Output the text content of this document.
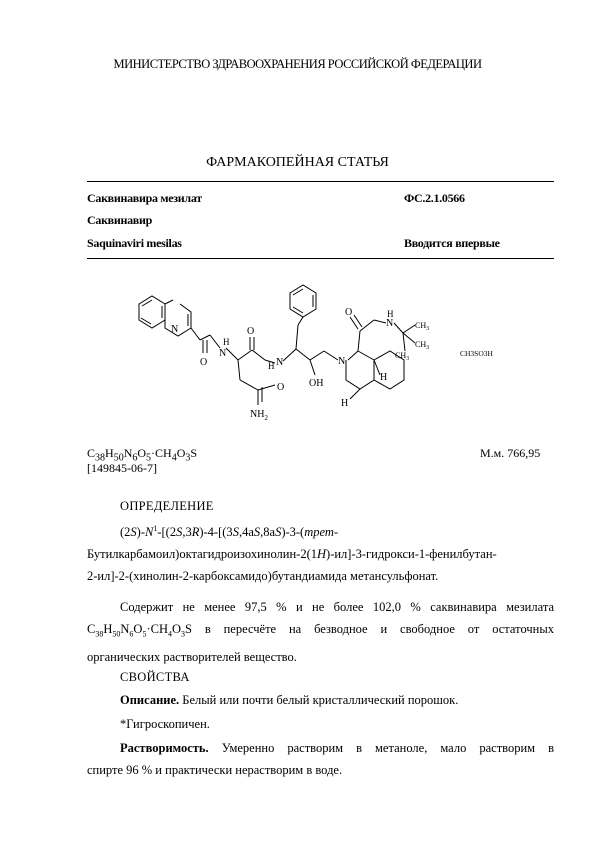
МИНИСТЕРСТВО ЗДРАВООХРАНЕНИЯ РОССИЙСКОЙ ФЕДЕРАЦИИ
ФАРМАКОПЕЙНАЯ СТАТЬЯ
Саквинавира мезилат	ФС.2.1.0566
Саквинавир
Saquinaviri mesilas	Вводится впервые
N
O
H
N
O
H N
O
$NH_2$
OH
N
H
H
O
N
H
$CH_3$
$CH_3$
$CH_3$
CH3SO3H
$C_{38}H_{50}N_6O_5\cdot CH_4O_3S$	М.м. 766,95
[149845-06-7]
ОПРЕДЕЛЕНИЕ
$(2S)-N^1-[(2S,3R)-4-[(3S,4aS,8aS)-3-(трет-$
Бутилкарбамоил)октагидроизохинолин-2(1H)-ил]-3-гидрокси-1-фенилбутан-
2-ил]-2-(хинолин-2-карбоксамидо)бутандиамида метансульфонат.
Содержит не менее 97,5 % и не более 102,0 % саквинавира мезилата
$C_{38}H_{50}N_6O_5\cdot CH_4O_3S$ в пересчёте на безводное и свободное от остаточных
органических растворителей вещество.
СВОЙСТВА
Описание. Белый или почти белый кристаллический порошок.
*Гигроскопичен.
Растворимость. Умеренно растворим в метаноле, мало растворим в
спирте 96 % и практически нерастворим в воде.
